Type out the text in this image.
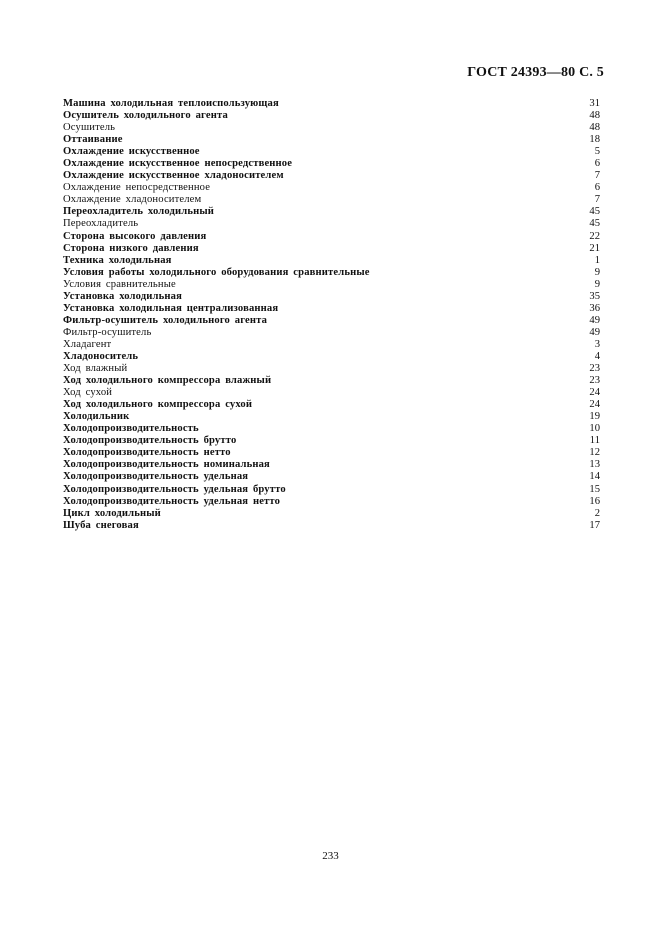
ГОСТ 24393—80 С. 5
Машина холодильная теплоиспользующая	31
Осушитель холодильного агента	48
Осушитель	48
Оттаивание	18
Охлаждение искусственное	5
Охлаждение искусственное непосредственное	6
Охлаждение искусственное хладоносителем	7
Охлаждение непосредственное	6
Охлаждение хладоносителем	7
Переохладитель холодильный	45
Переохладитель	45
Сторона высокого давления	22
Сторона низкого давления	21
Техника холодильная	1
Условия работы холодильного оборудования сравнительные	9
Условия сравнительные	9
Установка холодильная	35
Установка холодильная централизованная	36
Фильтр-осушитель холодильного агента	49
Фильтр-осушитель	49
Хладагент	3
Хладоноситель	4
Ход влажный	23
Ход холодильного компрессора влажный	23
Ход сухой	24
Ход холодильного компрессора сухой	24
Холодильник	19
Холодопроизводительность	10
Холодопроизводительность брутто	11
Холодопроизводительность нетто	12
Холодопроизводительность номинальная	13
Холодопроизводительность удельная	14
Холодопроизводительность удельная брутто	15
Холодопроизводительность удельная нетто	16
Цикл холодильный	2
Шуба снеговая	17
233
